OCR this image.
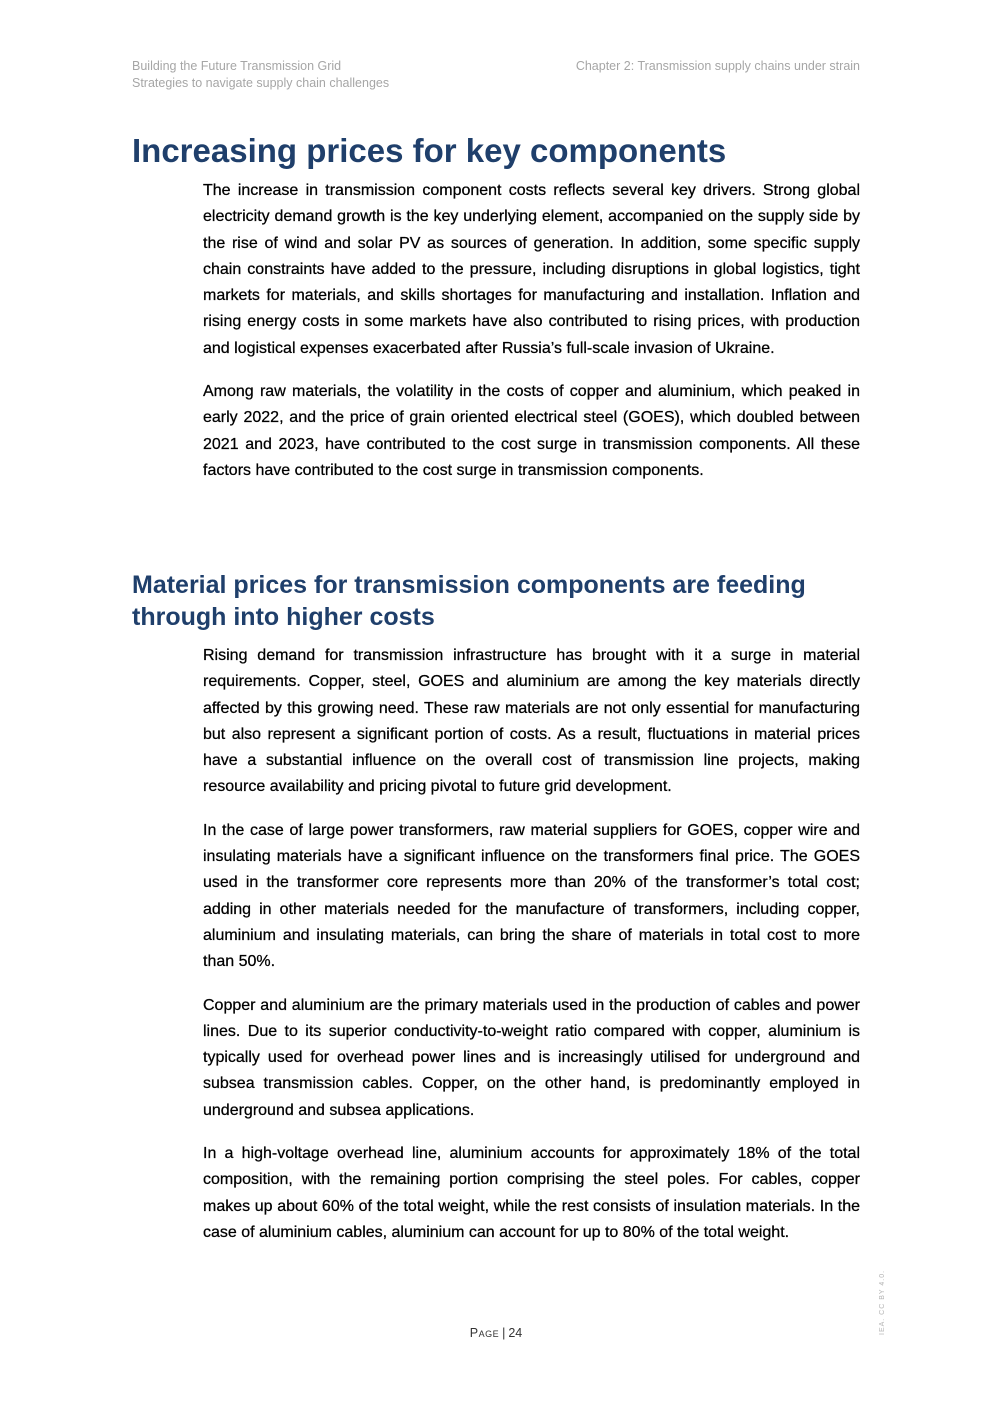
Building the Future Transmission Grid
Strategies to navigate supply chain challenges
Chapter 2: Transmission supply chains under strain
Increasing prices for key components

The increase in transmission component costs reflects several key drivers. Strong global electricity demand growth is the key underlying element, accompanied on the supply side by the rise of wind and solar PV as sources of generation. In addition, some specific supply chain constraints have added to the pressure, including disruptions in global logistics, tight markets for materials, and skills shortages for manufacturing and installation. Inflation and rising energy costs in some markets have also contributed to rising prices, with production and logistical expenses exacerbated after Russia’s full-scale invasion of Ukraine.

Among raw materials, the volatility in the costs of copper and aluminium, which peaked in early 2022, and the price of grain oriented electrical steel (GOES), which doubled between 2021 and 2023, have contributed to the cost surge in transmission components. All these factors have contributed to the cost surge in transmission components.

Material prices for transmission components are feeding through into higher costs

Rising demand for transmission infrastructure has brought with it a surge in material requirements. Copper, steel, GOES and aluminium are among the key materials directly affected by this growing need. These raw materials are not only essential for manufacturing but also represent a significant portion of costs. As a result, fluctuations in material prices have a substantial influence on the overall cost of transmission line projects, making resource availability and pricing pivotal to future grid development.

In the case of large power transformers, raw material suppliers for GOES, copper wire and insulating materials have a significant influence on the transformers final price. The GOES used in the transformer core represents more than 20% of the transformer’s total cost; adding in other materials needed for the manufacture of transformers, including copper, aluminium and insulating materials, can bring the share of materials in total cost to more than 50%.

Copper and aluminium are the primary materials used in the production of cables and power lines. Due to its superior conductivity-to-weight ratio compared with copper, aluminium is typically used for overhead power lines and is increasingly utilised for underground and subsea transmission cables. Copper, on the other hand, is predominantly employed in underground and subsea applications.

In a high-voltage overhead line, aluminium accounts for approximately 18% of the total composition, with the remaining portion comprising the steel poles. For cables, copper makes up about 60% of the total weight, while the rest consists of insulation materials. In the case of aluminium cables, aluminium can account for up to 80% of the total weight.

Page | 24	IEA. CC BY 4.0.
